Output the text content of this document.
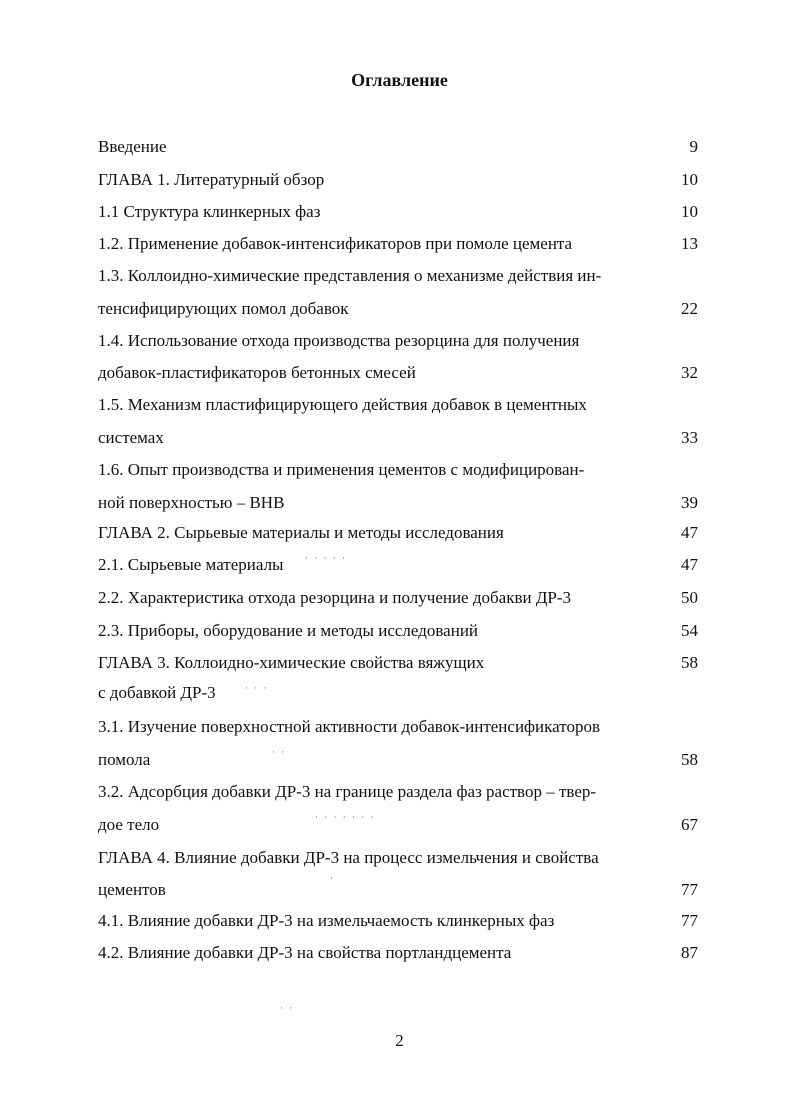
Оглавление
Введение	9
ГЛАВА 1. Литературный обзор	10
1.1 Структура клинкерных фаз	10
1.2. Применение добавок-интенсификаторов при помоле цемента	13
1.3. Коллоидно-химические представления о механизме действия ин-
тенсифицирующих помол добавок	22
1.4. Использование отхода производства резорцина для получения
добавок-пластификаторов бетонных смесей	32
1.5. Механизм пластифицирующего действия добавок в цементных
системах	33
1.6. Опыт производства и применения цементов с модифицирован-
ной поверхностью – ВНВ	39
ГЛАВА 2. Сырьевые материалы и методы исследования	47
2.1. Сырьевые материалы	47
2.2. Характеристика отхода резорцина и получение добакви ДР-3	50
2.3. Приборы, оборудование и методы исследований	54
ГЛАВА 3. Коллоидно-химические свойства вяжущих	58
с добавкой ДР-3
3.1. Изучение поверхностной активности добавок-интенсификаторов
помола	58
3.2. Адсорбция добавки ДР-3 на границе раздела фаз раствор – твер-
дое тело	67
ГЛАВА 4. Влияние добавки ДР-3 на процесс измельчения и свойства
цементов	77
4.1. Влияние добавки ДР-3 на измельчаемость клинкерных фаз	77
4.2. Влияние добавки ДР-3 на свойства портландцемента	87
· · · · ·
· · ·
· ·
· · · · · · ·
·
· ·
2
